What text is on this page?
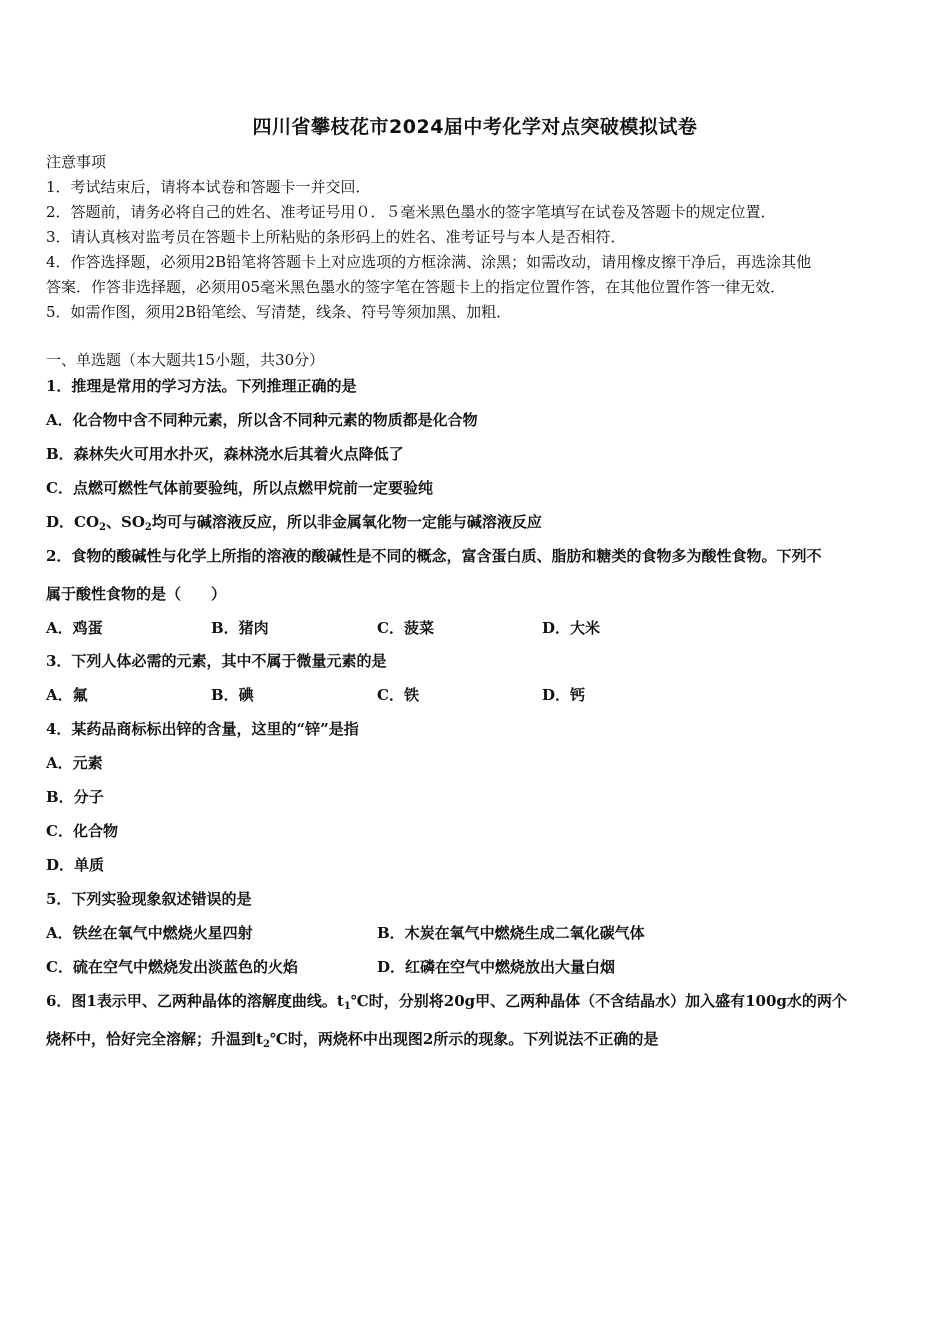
四川省攀枝花市2024届中考化学对点突破模拟试卷
注意事项
1．考试结束后，请将本试卷和答题卡一并交回．
2．答题前，请务必将自己的姓名、准考证号用０．５毫米黑色墨水的签字笔填写在试卷及答题卡的规定位置．
3．请认真核对监考员在答题卡上所粘贴的条形码上的姓名、准考证号与本人是否相符．
4．作答选择题，必须用2B铅笔将答题卡上对应选项的方框涂满、涂黑；如需改动，请用橡皮擦干净后，再选涂其他
答案．作答非选择题，必须用05毫米黑色墨水的签字笔在答题卡上的指定位置作答，在其他位置作答一律无效．
5．如需作图，须用2B铅笔绘、写清楚，线条、符号等须加黑、加粗．
一、单选题（本大题共15小题，共30分）
1．推理是常用的学习方法。下列推理正确的是
A．化合物中含不同种元素，所以含不同种元素的物质都是化合物
B．森林失火可用水扑灭，森林浇水后其着火点降低了
C．点燃可燃性气体前要验纯，所以点燃甲烷前一定要验纯
D．$CO_2$、$SO_2$均可与碱溶液反应，所以非金属氧化物一定能与碱溶液反应
2．食物的酸碱性与化学上所指的溶液的酸碱性是不同的概念，富含蛋白质、脂肪和糖类的食物多为酸性食物。下列不
属于酸性食物的是（　　）
A．鸡蛋	B．猪肉	C．菠菜	D．大米
3．下列人体必需的元素，其中不属于微量元素的是
A．氟	B．碘	C．铁	D．钙
4．某药品商标标出锌的含量，这里的“锌”是指
A．元素
B．分子
C．化合物
D．单质
5．下列实验现象叙述错误的是
A．铁丝在氧气中燃烧火星四射	B．木炭在氧气中燃烧生成二氧化碳气体
C．硫在空气中燃烧发出淡蓝色的火焰	D．红磷在空气中燃烧放出大量白烟
6．图1表示甲、乙两种晶体的溶解度曲线。$t_1℃$时，分别将20g甲、乙两种晶体（不含结晶水）加入盛有100g水的两个
烧杯中，恰好完全溶解；升温到$t_2℃$时，两烧杯中出现图2所示的现象。下列说法不正确的是
